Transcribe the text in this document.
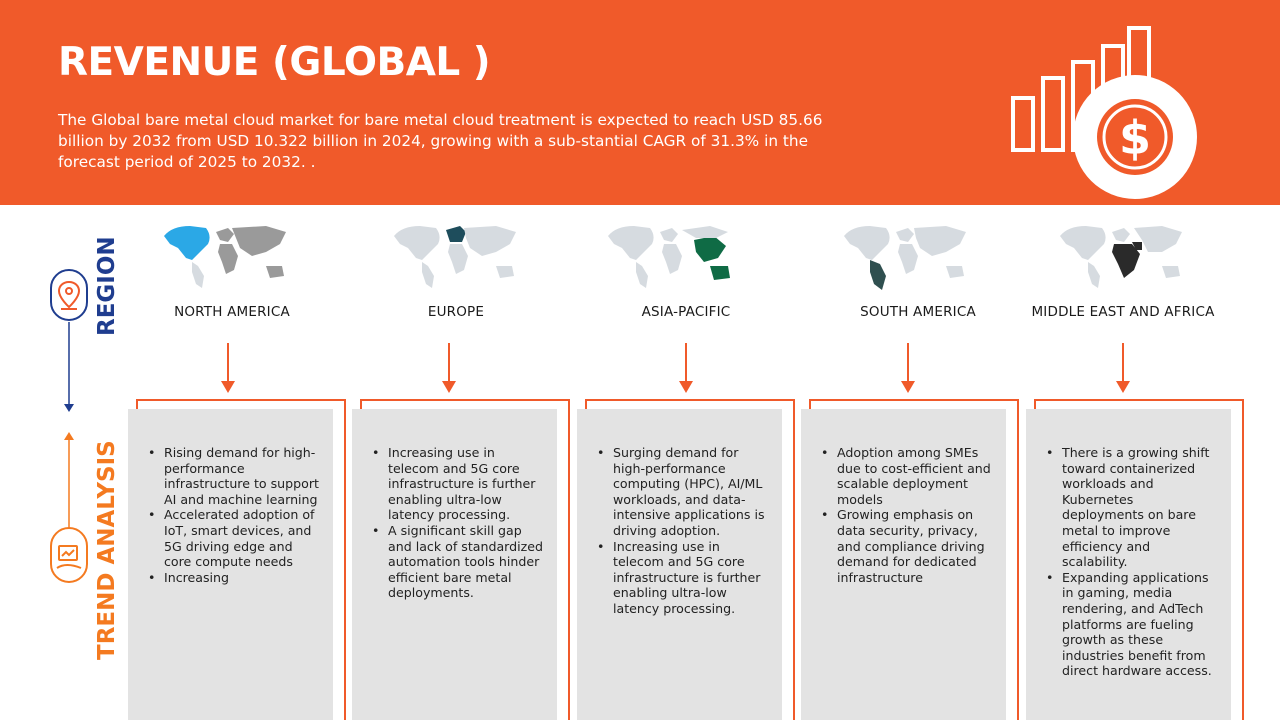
REVENUE (GLOBAL )
The Global bare metal cloud market for bare metal cloud treatment is expected to reach USD 85.66 billion by 2032 from USD 10.322 billion in 2024, growing with a sub-stantial CAGR of 31.3% in the forecast period of 2025 to 2032. .	$
REGION
TREND ANALYSIS
NORTH AMERICA	EUROPE	ASIA-PACIFIC	SOUTH AMERICA	MIDDLE EAST AND AFRICA
• Rising demand for high-performance infrastructure to support AI and machine learning
• Accelerated adoption of IoT, smart devices, and 5G driving edge and core compute needs
• Increasing
• Increasing use in telecom and 5G core infrastructure is further enabling ultra-low latency processing.
• A significant skill gap and lack of standardized automation tools hinder efficient bare metal deployments.
• Surging demand for high-performance computing (HPC), AI/ML workloads, and data-intensive applications is driving adoption.
• Increasing use in telecom and 5G core infrastructure is further enabling ultra-low latency processing.
• Adoption among SMEs due to cost-efficient and scalable deployment models
• Growing emphasis on data security, privacy, and compliance driving demand for dedicated infrastructure
• There is a growing shift toward containerized workloads and Kubernetes deployments on bare metal to improve efficiency and scalability.
• Expanding applications in gaming, media rendering, and AdTech platforms are fueling growth as these industries benefit from direct hardware access.
